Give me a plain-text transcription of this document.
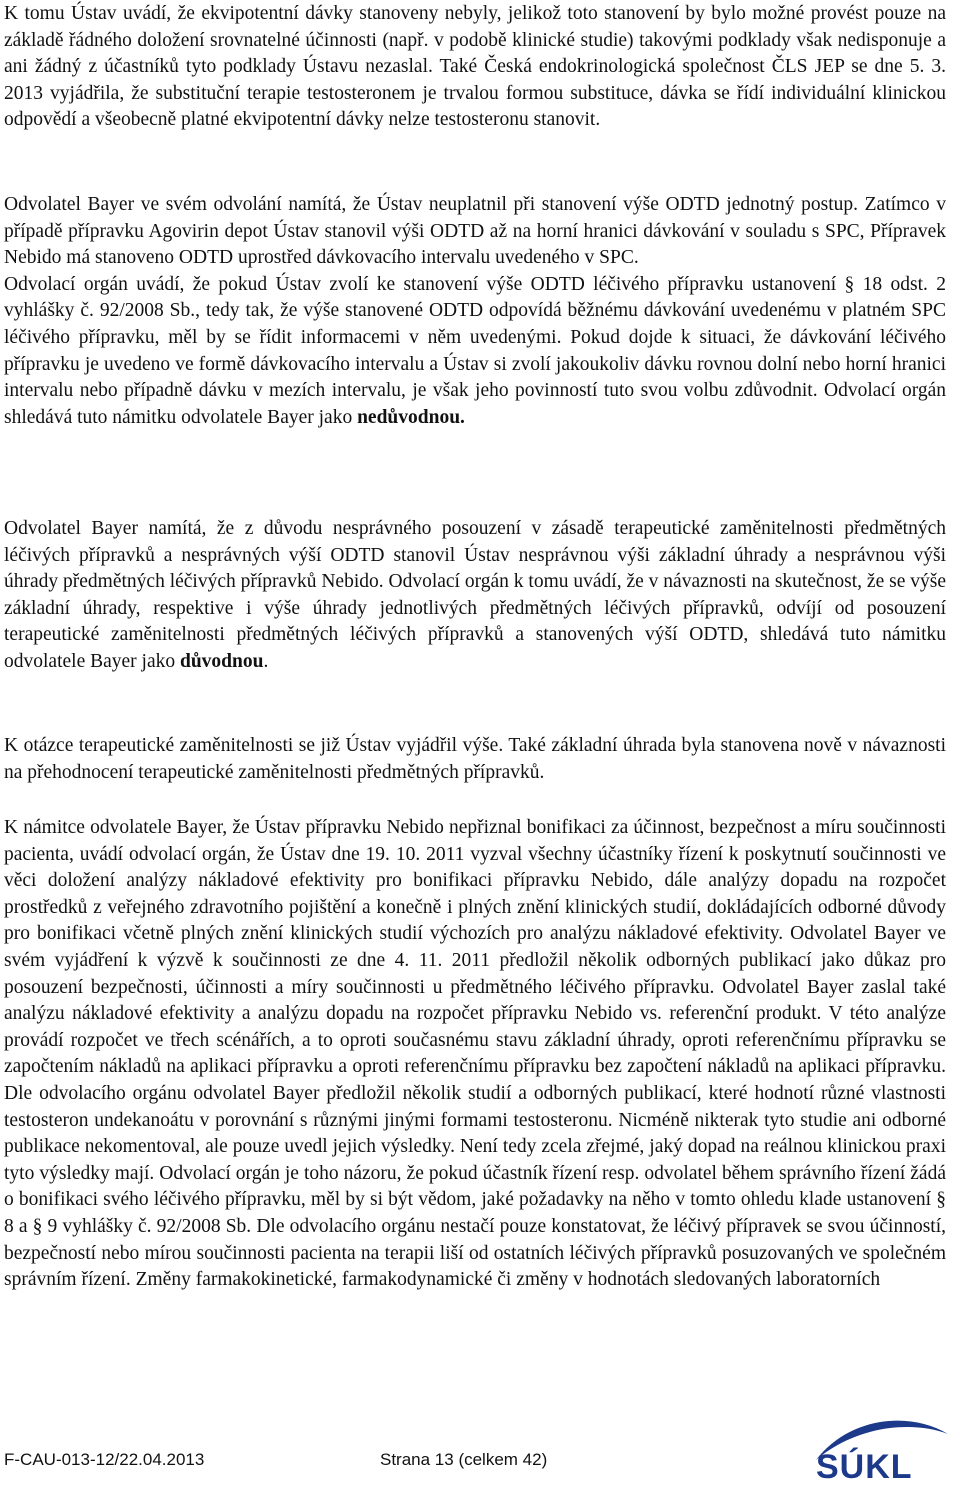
K tomu Ústav uvádí, že ekvipotentní dávky stanoveny nebyly, jelikož toto stanovení by bylo možné provést pouze na základě řádného doložení srovnatelné účinnosti (např. v podobě klinické studie) takovými podklady však nedisponuje a ani žádný z účastníků tyto podklady Ústavu nezaslal. Také Česká endokrinologická společnost ČLS JEP se dne 5. 3. 2013 vyjádřila, že substituční terapie testosteronem je trvalou formou substituce, dávka se řídí individuální klinickou odpovědí a všeobecně platné ekvipotentní dávky nelze testosteronu stanovit.

Odvolatel Bayer ve svém odvolání namítá, že Ústav neuplatnil při stanovení výše ODTD jednotný postup. Zatímco v případě přípravku Agovirin depot Ústav stanovil výši ODTD až na horní hranici dávkování v souladu s SPC, Přípravek Nebido má stanoveno ODTD uprostřed dávkovacího intervalu uvedeného v SPC.

Odvolací orgán uvádí, že pokud Ústav zvolí ke stanovení výše ODTD léčivého přípravku ustanovení § 18 odst. 2 vyhlášky č. 92/2008 Sb., tedy tak, že výše stanovené ODTD odpovídá běžnému dávkování uvedenému v platném SPC léčivého přípravku, měl by se řídit informacemi v něm uvedenými. Pokud dojde k situaci, že dávkování léčivého přípravku je uvedeno ve formě dávkovacího intervalu a Ústav si zvolí jakoukoliv dávku rovnou dolní nebo horní hranici intervalu nebo případně dávku v mezích intervalu, je však jeho povinností tuto svou volbu zdůvodnit. Odvolací orgán shledává tuto námitku odvolatele Bayer jako nedůvodnou.

Odvolatel Bayer namítá, že z důvodu nesprávného posouzení v zásadě terapeutické zaměnitelnosti předmětných léčivých přípravků a nesprávných výší ODTD stanovil Ústav nesprávnou výši základní úhrady a nesprávnou výši úhrady předmětných léčivých přípravků Nebido. Odvolací orgán k tomu uvádí, že v návaznosti na skutečnost, že se výše základní úhrady, respektive i výše úhrady jednotlivých předmětných léčivých přípravků, odvíjí od posouzení terapeutické zaměnitelnosti předmětných léčivých přípravků a stanovených výší ODTD, shledává tuto námitku odvolatele Bayer jako důvodnou.

K otázce terapeutické zaměnitelnosti se již Ústav vyjádřil výše. Také základní úhrada byla stanovena nově v návaznosti na přehodnocení terapeutické zaměnitelnosti předmětných přípravků.

K námitce odvolatele Bayer, že Ústav přípravku Nebido nepřiznal bonifikaci za účinnost, bezpečnost a míru součinnosti pacienta, uvádí odvolací orgán, že Ústav dne 19. 10. 2011 vyzval všechny účastníky řízení k poskytnutí součinnosti ve věci doložení analýzy nákladové efektivity pro bonifikaci přípravku Nebido, dále analýzy dopadu na rozpočet prostředků z veřejného zdravotního pojištění a konečně i plných znění klinických studií, dokládajících odborné důvody pro bonifikaci včetně plných znění klinických studií výchozích pro analýzu nákladové efektivity. Odvolatel Bayer ve svém vyjádření k výzvě k součinnosti ze dne 4. 11. 2011 předložil několik odborných publikací jako důkaz pro posouzení bezpečnosti, účinnosti a míry součinnosti u předmětného léčivého přípravku. Odvolatel Bayer zaslal také analýzu nákladové efektivity a analýzu dopadu na rozpočet přípravku Nebido vs. referenční produkt. V této analýze provádí rozpočet ve třech scénářích, a to oproti současnému stavu základní úhrady, oproti referenčnímu přípravku se započtením nákladů na aplikaci přípravku a oproti referenčnímu přípravku bez započtení nákladů na aplikaci přípravku. Dle odvolacího orgánu odvolatel Bayer předložil několik studií a odborných publikací, které hodnotí různé vlastnosti testosteron undekanoátu v porovnání s různými jinými formami testosteronu. Nicméně nikterak tyto studie ani odborné publikace nekomentoval, ale pouze uvedl jejich výsledky. Není tedy zcela zřejmé, jaký dopad na reálnou klinickou praxi tyto výsledky mají. Odvolací orgán je toho názoru, že pokud účastník řízení resp. odvolatel během správního řízení žádá o bonifikaci svého léčivého přípravku, měl by si být vědom, jaké požadavky na něho v tomto ohledu klade ustanovení § 8 a § 9 vyhlášky č. 92/2008 Sb. Dle odvolacího orgánu nestačí pouze konstatovat, že léčivý přípravek se svou účinností, bezpečností nebo mírou součinnosti pacienta na terapii liší od ostatních léčivých přípravků posuzovaných ve společném správním řízení. Změny farmakokinetické, farmakodynamické či změny v hodnotách sledovaných laboratorních

F-CAU-013-12/22.04.2013	Strana 13 (celkem 42)	SÚKL
